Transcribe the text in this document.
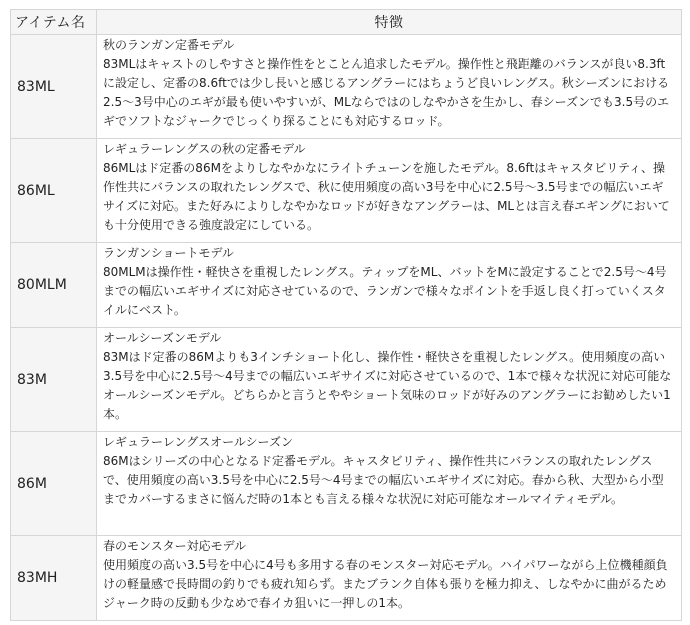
アイテム名	特徴
83ML	秋のランガン定番モデル
83MLはキャストのしやすさと操作性をとことん追求したモデル。操作性と飛距離のバランスが良い8.3ftに設定し、定番の8.6ftでは少し長いと感じるアングラーにはちょうど良いレングス。秋シーズンにおける2.5〜3号中心のエギが最も使いやすいが、MLならではのしなやかさを生かし、春シーズンでも3.5号のエギでソフトなジャークでじっくり探ることにも対応するロッド。

86ML	レギュラーレングスの秋の定番モデル
86MLはド定番の86Mをよりしなやかなにライトチューンを施したモデル。8.6ftはキャスタビリティ、操作性共にバランスの取れたレングスで、秋に使用頻度の高い3号を中心に2.5号〜3.5号までの幅広いエギサイズに対応。また好みによりしなやかなロッドが好きなアングラーは、MLとは言え春エギングにおいても十分使用できる強度設定にしている。

80MLM	ランガンショートモデル
80MLMは操作性・軽快さを重視したレングス。ティップをML、バットをMに設定することで2.5号〜4号までの幅広いエギサイズに対応させているので、ランガンで様々なポイントを手返し良く打っていくスタイルにベスト。

83M	オールシーズンモデル
83Mはド定番の86Mよりも3インチショート化し、操作性・軽快さを重視したレングス。使用頻度の高い3.5号を中心に2.5号〜4号までの幅広いエギサイズに対応させているので、1本で様々な状況に対応可能なオールシーズンモデル。どちらかと言うとややショート気味のロッドが好みのアングラーにお勧めしたい1本。

86M	レギュラーレングスオールシーズン
86Mはシリーズの中心となるド定番モデル。キャスタビリティ、操作性共にバランスの取れたレングスで、使用頻度の高い3.5号を中心に2.5号〜4号までの幅広いエギサイズに対応。春から秋、大型から小型までカバーするまさに悩んだ時の1本とも言える様々な状況に対応可能なオールマイティモデル。

83MH	春のモンスター対応モデル
使用頻度の高い3.5号を中心に4号も多用する春のモンスター対応モデル。ハイパワーながら上位機種顔負けの軽量感で長時間の釣りでも疲れ知らず。またブランク自体も張りを極力抑え、しなやかに曲がるためジャーク時の反動も少なめで春イカ狙いに一押しの1本。
